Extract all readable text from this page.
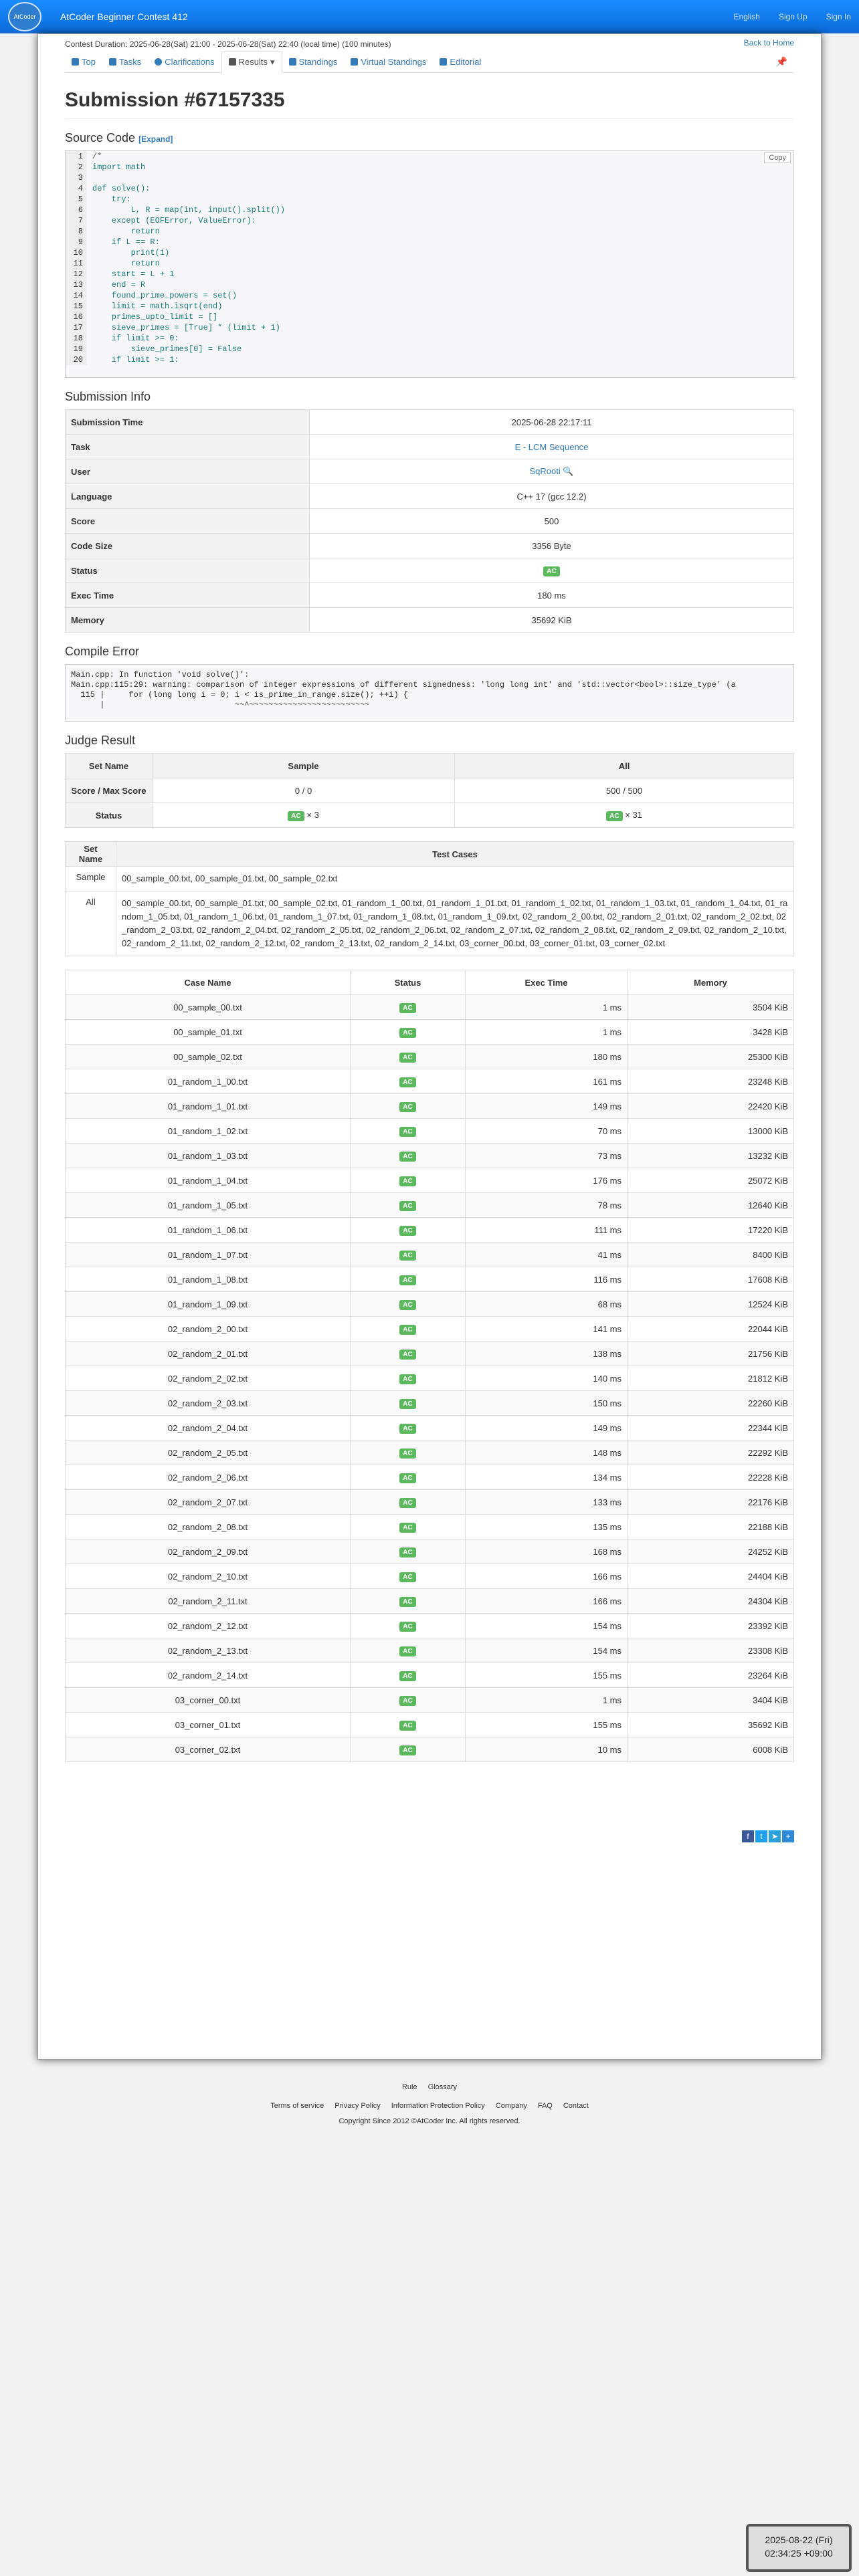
AtCoder	AtCoder Beginner Contest 412	English Sign Up Sign In
Contest Duration: 2025-06-28(Sat) 21:00 - 2025-06-28(Sat) 22:40 (local time) (100 minutes)	Back to Home
Top	Tasks	Clarifications	Results ▾	Standings	Virtual Standings	Editorial	📌
Submission #67157335
Source Code [Expand]
Copy
1	/*
2	import math
3
4	def solve():
5	try:
6	L, R = map(int, input().split())
7	except (EOFError, ValueError):
8	return
9	if L == R:
10	print(1)
11	return
12	start = L + 1
13	end = R
14	found_prime_powers = set()
15	limit = math.isqrt(end)
16	primes_upto_limit = []
17	sieve_primes = [True] * (limit + 1)
18	if limit >= 0:
19	sieve_primes[0] = False
20	if limit >= 1:
Submission Info
Submission Time	2025-06-28 22:17:11
Task	E - LCM Sequence
User	SqRooti 🔍
Language	C++ 17 (gcc 12.2)
Score	500
Code Size	3356 Byte
Status	AC
Exec Time	180 ms
Memory	35692 KiB
Compile Error
Main.cpp: In function 'void solve()':
Main.cpp:115:29: warning: comparison of integer expressions of different signedness: 'long long int' and 'std::vector<bool>::size_type' (a
115 |     for (long long i = 0; i < is_prime_in_range.size(); ++i) {
|                           ~~^~~~~~~~~~~~~~~~~~~~~~~~~~
Judge Result
Set Name	Sample	All
Score / Max Score	0 / 0	500 / 500
Status	AC × 3	AC × 31
Set Name	Test Cases
Sample	00_sample_00.txt, 00_sample_01.txt, 00_sample_02.txt
All	00_sample_00.txt, 00_sample_01.txt, 00_sample_02.txt, 01_random_1_00.txt, 01_random_1_01.txt, 01_random_1_02.txt, 01_random_1_03.txt, 01_random_1_04.txt, 01_random_1_05.txt, 01_random_1_06.txt, 01_random_1_07.txt, 01_random_1_08.txt, 01_random_1_09.txt, 02_random_2_00.txt, 02_random_2_01.txt, 02_random_2_02.txt, 02_random_2_03.txt, 02_random_2_04.txt, 02_random_2_05.txt, 02_random_2_06.txt, 02_random_2_07.txt, 02_random_2_08.txt, 02_random_2_09.txt, 02_random_2_10.txt, 02_random_2_11.txt, 02_random_2_12.txt, 02_random_2_13.txt, 02_random_2_14.txt, 03_corner_00.txt, 03_corner_01.txt, 03_corner_02.txt
Case Name	Status	Exec Time	Memory
00_sample_00.txt	AC	1 ms	3504 KiB
00_sample_01.txt	AC	1 ms	3428 KiB
00_sample_02.txt	AC	180 ms	25300 KiB
01_random_1_00.txt	AC	161 ms	23248 KiB
01_random_1_01.txt	AC	149 ms	22420 KiB
01_random_1_02.txt	AC	70 ms	13000 KiB
01_random_1_03.txt	AC	73 ms	13232 KiB
01_random_1_04.txt	AC	176 ms	25072 KiB
01_random_1_05.txt	AC	78 ms	12640 KiB
01_random_1_06.txt	AC	111 ms	17220 KiB
01_random_1_07.txt	AC	41 ms	8400 KiB
01_random_1_08.txt	AC	116 ms	17608 KiB
01_random_1_09.txt	AC	68 ms	12524 KiB
02_random_2_00.txt	AC	141 ms	22044 KiB
02_random_2_01.txt	AC	138 ms	21756 KiB
02_random_2_02.txt	AC	140 ms	21812 KiB
02_random_2_03.txt	AC	150 ms	22260 KiB
02_random_2_04.txt	AC	149 ms	22344 KiB
02_random_2_05.txt	AC	148 ms	22292 KiB
02_random_2_06.txt	AC	134 ms	22228 KiB
02_random_2_07.txt	AC	133 ms	22176 KiB
02_random_2_08.txt	AC	135 ms	22188 KiB
02_random_2_09.txt	AC	168 ms	24252 KiB
02_random_2_10.txt	AC	166 ms	24404 KiB
02_random_2_11.txt	AC	166 ms	24304 KiB
02_random_2_12.txt	AC	154 ms	23392 KiB
02_random_2_13.txt	AC	154 ms	23308 KiB
02_random_2_14.txt	AC	155 ms	23264 KiB
03_corner_00.txt	AC	1 ms	3404 KiB
03_corner_01.txt	AC	155 ms	35692 KiB
03_corner_02.txt	AC	10 ms	6008 KiB
f	t	➤ +
Rule Glossary
Terms of service Privacy Policy Information Protection Policy Company FAQ Contact
Copyright Since 2012 ©AtCoder Inc. All rights reserved.
2025-08-22 (Fri)
02:34:25 +09:00
